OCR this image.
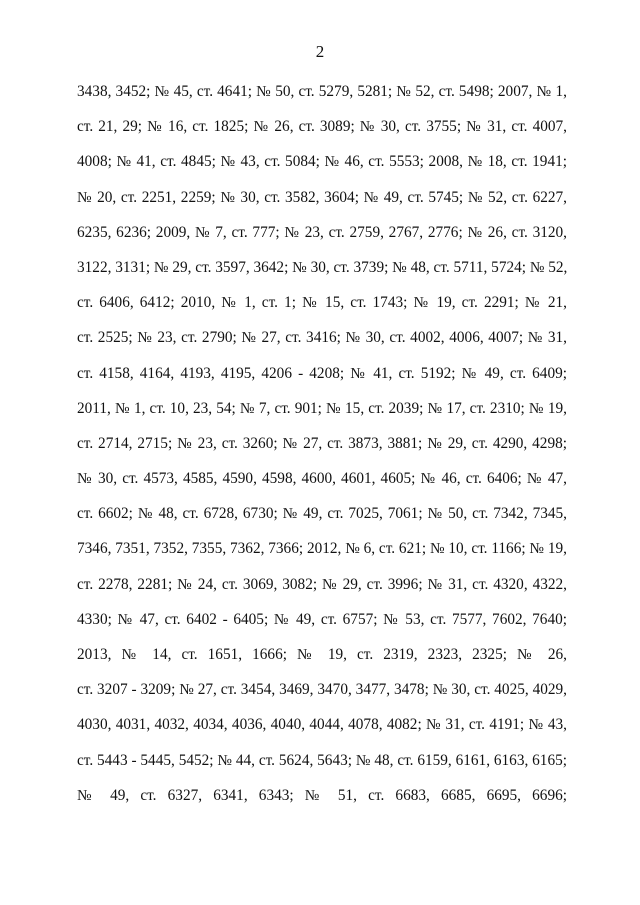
2
3438, 3452; № 45, ст. 4641; № 50, ст. 5279, 5281; № 52, ст. 5498; 2007, № 1,
ст. 21, 29; № 16, ст. 1825; № 26, ст. 3089; № 30, ст. 3755; № 31, ст. 4007,
4008; № 41, ст. 4845; № 43, ст. 5084; № 46, ст. 5553; 2008, № 18, ст. 1941;
№ 20, ст. 2251, 2259; № 30, ст. 3582, 3604; № 49, ст. 5745; № 52, ст. 6227,
6235, 6236; 2009, № 7, ст. 777; № 23, ст. 2759, 2767, 2776; № 26, ст. 3120,
3122, 3131; № 29, ст. 3597, 3642; № 30, ст. 3739; № 48, ст. 5711, 5724; № 52,
ст. 6406, 6412; 2010, № 1, ст. 1; № 15, ст. 1743; № 19, ст. 2291; № 21,
ст. 2525; № 23, ст. 2790; № 27, ст. 3416; № 30, ст. 4002, 4006, 4007; № 31,
ст. 4158, 4164, 4193, 4195, 4206 - 4208; № 41, ст. 5192; № 49, ст. 6409;
2011, № 1, ст. 10, 23, 54; № 7, ст. 901; № 15, ст. 2039; № 17, ст. 2310; № 19,
ст. 2714, 2715; № 23, ст. 3260; № 27, ст. 3873, 3881; № 29, ст. 4290, 4298;
№ 30, ст. 4573, 4585, 4590, 4598, 4600, 4601, 4605; № 46, ст. 6406; № 47,
ст. 6602; № 48, ст. 6728, 6730; № 49, ст. 7025, 7061; № 50, ст. 7342, 7345,
7346, 7351, 7352, 7355, 7362, 7366; 2012, № 6, ст. 621; № 10, ст. 1166; № 19,
ст. 2278, 2281; № 24, ст. 3069, 3082; № 29, ст. 3996; № 31, ст. 4320, 4322,
4330; № 47, ст. 6402 - 6405; № 49, ст. 6757; № 53, ст. 7577, 7602, 7640;
2013, № 14, ст. 1651, 1666; № 19, ст. 2319, 2323, 2325; № 26,
ст. 3207 - 3209; № 27, ст. 3454, 3469, 3470, 3477, 3478; № 30, ст. 4025, 4029,
4030, 4031, 4032, 4034, 4036, 4040, 4044, 4078, 4082; № 31, ст. 4191; № 43,
ст. 5443 - 5445, 5452; № 44, ст. 5624, 5643; № 48, ст. 6159, 6161, 6163, 6165;
№ 49, ст. 6327, 6341, 6343; № 51, ст. 6683, 6685, 6695, 6696;
